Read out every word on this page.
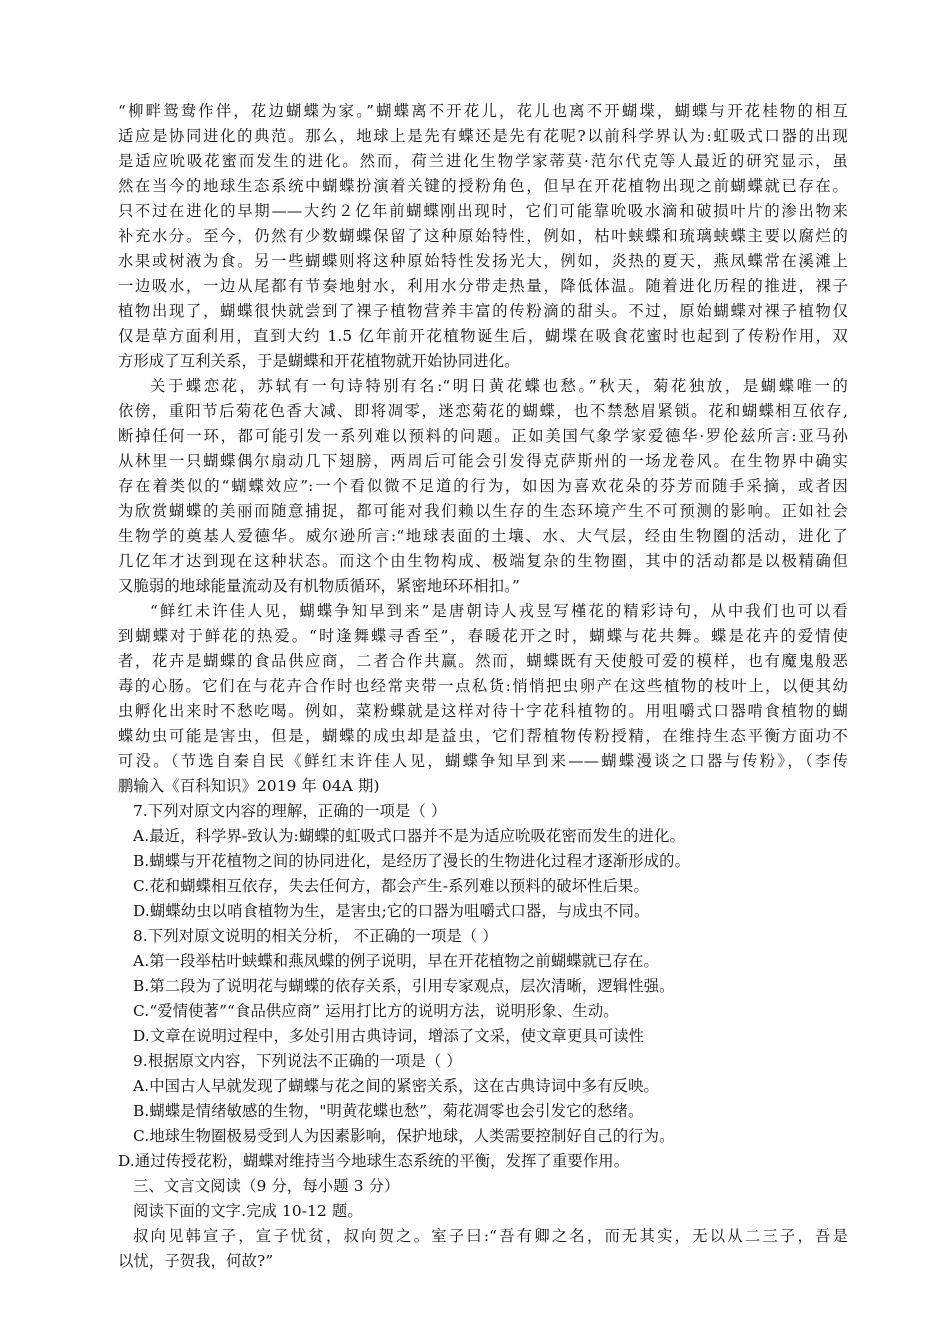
“柳畔鸳鸯作伴，花边蝴蝶为家。”蝴蝶离不开花儿，花儿也离不开蝴堞，蝴蝶与开花桂物的相互
适应是协同进化的典范。那么，地球上是先有蝶还是先有花呢?以前科学界认为:虹吸式口器的出现
是适应吮吸花蜜而发生的进化。然而，荷兰进化生物学家蒂莫·范尔代克等人最近的研究显示，虽
然在当今的地球生态系统中蝴蝶扮演着关键的授粉角色，但早在开花植物出现之前蝴蝶就已存在。
只不过在进化的早期——大约２亿年前蝴蝶刚出现时，它们可能靠吮吸水滴和破损叶片的渗出物来
补充水分。至今，仍然有少数蝴蝶保留了这种原始特性，例如，枯叶蛱蝶和琉璃蛱蝶主要以腐烂的
水果或树液为食。另一些蝴蝶则将这种原始特性发扬光大，例如，炎热的夏天，燕凤蝶常在溪滩上
一边吸水，一边从尾都有节奏地射水，利用水分带走热量，降低体温。随着进化历程的推进，裸子
植物出现了，蝴蝶很快就尝到了裸子植物营养丰富的传粉滴的甜头。不过，原始蝴蝶对裸子植物仅
仅是草方面利用，直到大约 1.5 亿年前开花植物诞生后，蝴堞在吸食花蜜时也起到了传粉作用，双
方形成了互利关系，于是蝴蝶和开花植物就开始协同进化。
关于蝶恋花，苏轼有一句诗特别有名:“明日黄花蝶也愁。”秋天，菊花独放，是蝴蝶唯一的
依傍，重阳节后菊花色香大减、即将凋零，迷恋菊花的蝴蝶，也不禁愁眉紧锁。花和蝴蝶相互依存,
断掉任何一环，都可能引发一系列难以预料的问题。正如美国气象学家爱德华·罗伦兹所言:亚马孙
从林里一只蝴蝶偶尔扇动几下翅膀，两周后可能会引发得克萨斯州的一场龙卷风。在生物界中确实
存在着类似的“蝴蝶效应”:一个看似微不足道的行为，如因为喜欢花朵的芬芳而随手采摘，或者因
为欣赏蝴蝶的美丽而随意捕捉，都可能对我们赖以生存的生态环境产生不可预测的影响。正如社会
生物学的奠基人爱德华。威尔逊所言:“地球表面的土壤、水、大气层，经由生物圈的活动，进化了
几亿年才达到现在这种状态。而这个由生物构成、极端复杂的生物圈，其中的活动都是以极精确但
又脆弱的地球能量流动及有机物质循环，紧密地环环相扣。”
“鲜红未许佳人见，蝴蝶争知早到来”是唐朝诗人戎昱写槿花的精彩诗句，从中我们也可以看
到蝴蝶对于鲜花的热爱。“时逢舞蝶寻香至”，春暖花开之时，蝴蝶与花共舞。蝶是花卉的爱情使
者，花卉是蝴蝶的食品供应商，二者合作共赢。然而，蝴蝶既有天使般可爱的模样，也有魔鬼般恶
毒的心肠。它们在与花卉合作时也经常夹带一点私货:悄悄把虫卵产在这些植物的枝叶上，以便其幼
虫孵化出来时不愁吃喝。例如，菜粉蝶就是这样对待十字花科植物的。用咀嚼式口器啃食植物的蝴
蝶幼虫可能是害虫，但是，蝴蝶的成虫却是益虫，它们帮植物传粉授精，在维持生态平衡方面功不
可没。（节选自秦自民《鲜红末许佳人见，蝴蝶争知早到来——蝴蝶漫谈之口器与传粉》，（李传
鹏输入《百科知识》2019 年 04A 期)
7.下列对原文内容的理解，正确的一项是（ ）
A.最近，科学界-致认为:蝴蝶的虹吸式口器并不是为适应吮吸花密而发生的进化。
B.蝴蝶与开花植物之间的协同进化，是经历了漫长的生物进化过程才逐渐形成的。
C.花和蝴蝶相互依存，失去任何方，都会产生-系列难以预料的破坏性后果。
D.蝴蝶幼虫以哨食植物为生，是害虫;它的口器为咀嚼式口器，与成虫不同。
8.下列对原文说明的相关分析， 不正确的一项是（ ）
A.第一段举枯叶蛱蝶和燕凤蝶的例子说明，早在开花植物之前蝴蝶就已存在。
B.第二段为了说明花与蝴蝶的依存关系，引用专家观点，层次清晰，逻辑性强。
C.“爱情使著”“食品供应商” 运用打比方的说明方法，说明形象、生动。
D.文章在说明过程中，多处引用古典诗词，增添了文采，使文章更具可读性
9.根据原文内容，下列说法不正确的一项是（ ）
A.中国古人早就发现了蝴蝶与花之间的紧密关系，这在古典诗词中多有反映。
B.蝴蝶是情绪敏感的生物，"明黄花蝶也愁”，菊花凋零也会引发它的愁绪。
C.地球生物圈极易受到人为因素影响，保护地球，人类需要控制好自己的行为。
D.通过传授花粉，蝴蝶对维持当今地球生态系统的平衡，发挥了重要作用。
三、文言文阅读（9 分，每小题 3 分）
阅读下面的文字.完成 10-12 题。
叔向见韩宣子，宣子忧贫，叔向贺之。室子曰:“吾有卿之名，而无其实，无以从二三子，吾是
以忧，子贺我，何故?”
